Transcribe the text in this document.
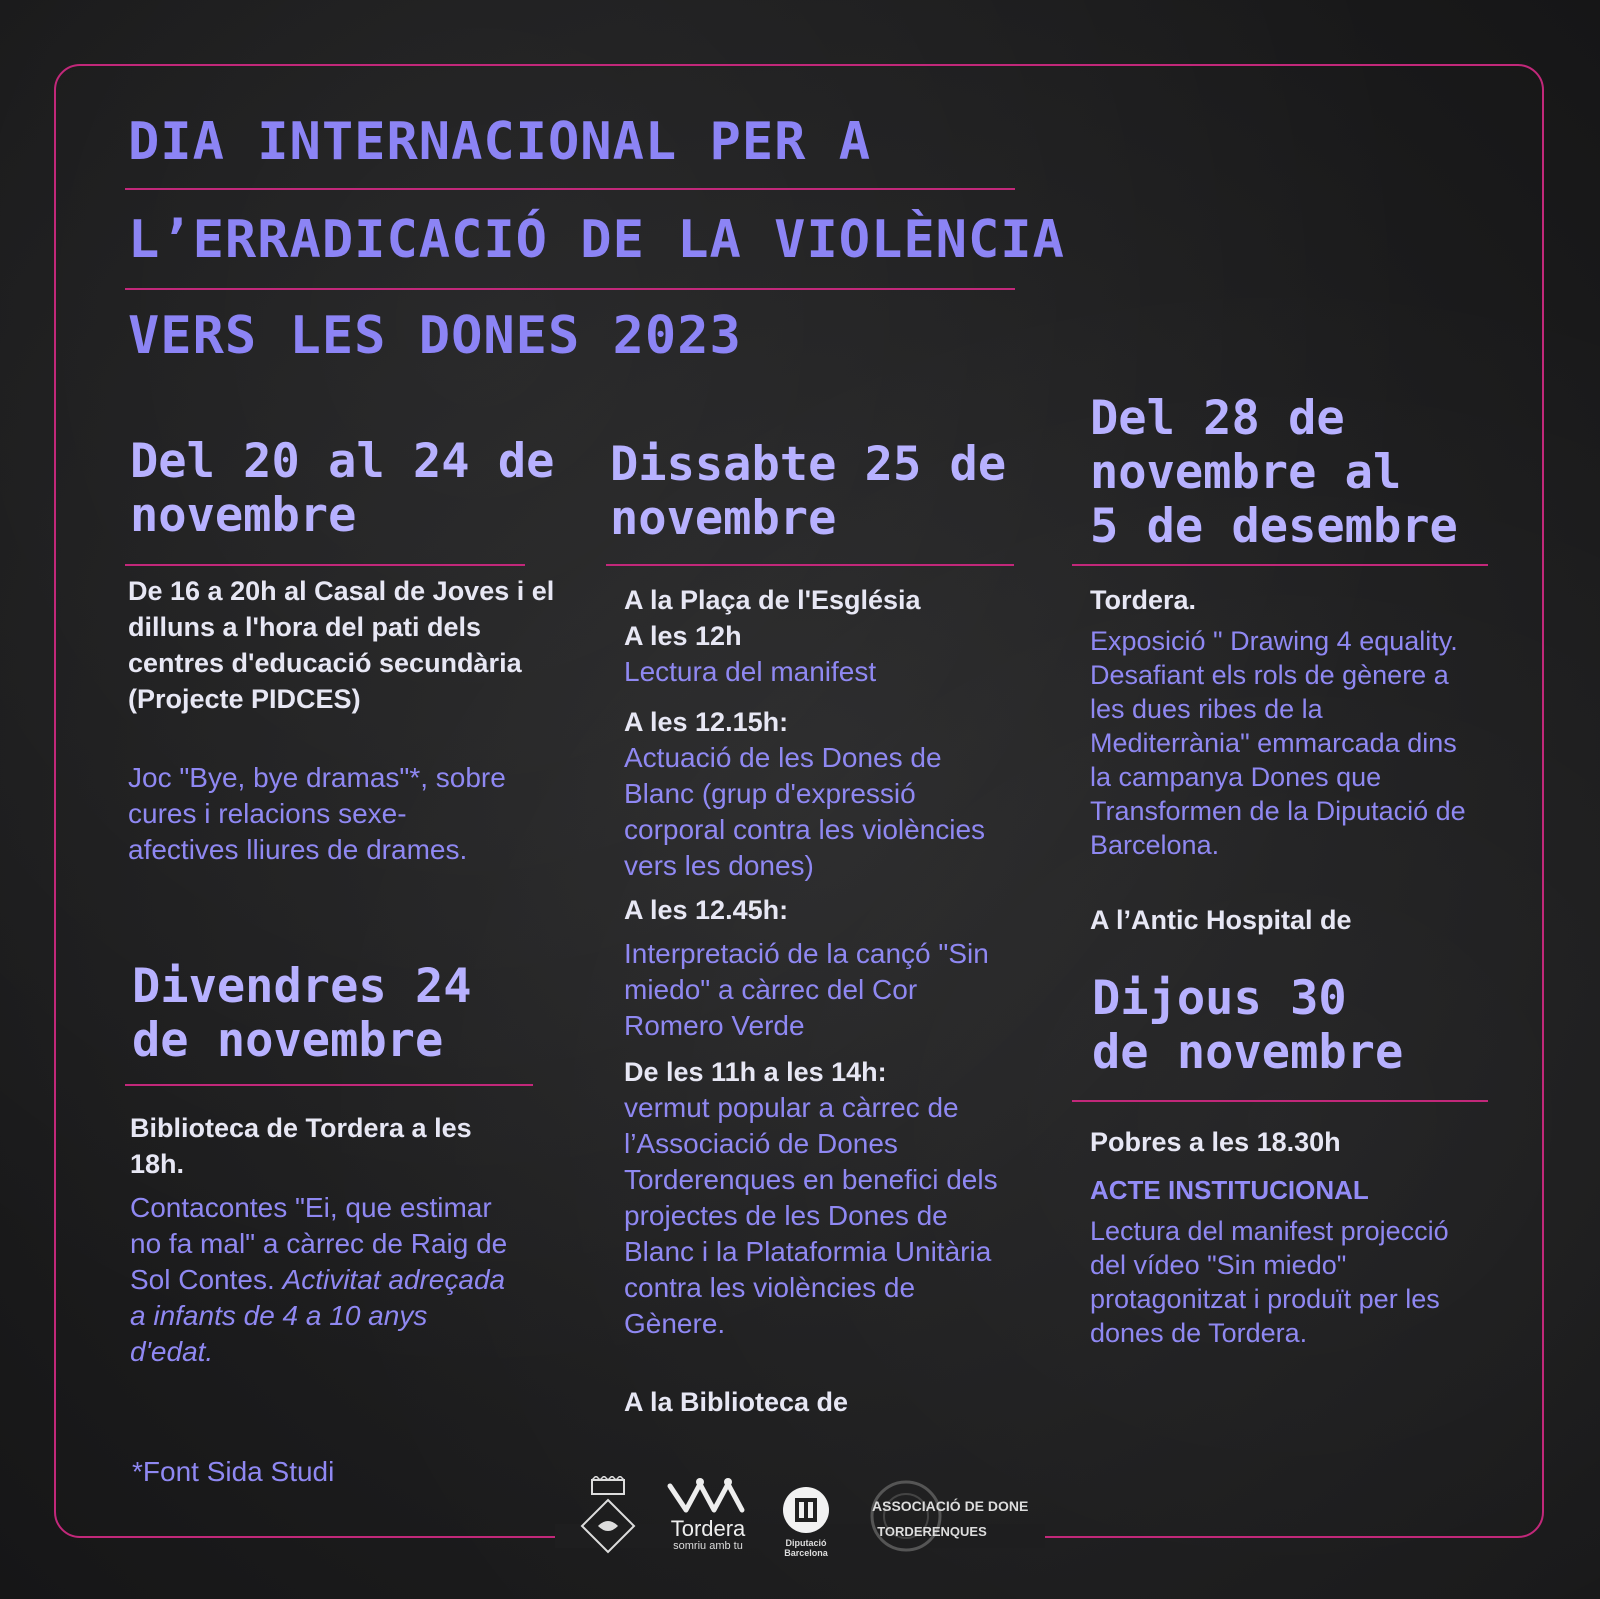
DIA INTERNACIONAL PER A
L’ERRADICACIÓ DE LA VIOLÈNCIA
VERS LES DONES 2023
Del 20 al 24 de
novembre

De 16 a 20h al Casal de Joves i el dilluns a l'hora del pati dels centres d'educació secundària (Projecte PIDCES)

Joc "Bye, bye dramas"*, sobre cures i relacions sexe-afectives lliures de drames.

Divendres 24
de novembre

Biblioteca de Tordera a les 18h.

Contacontes "Ei, que estimar no fa mal" a càrrec de Raig de Sol Contes. Activitat adreçada a infants de 4 a 10 anys d'edat.

*Font Sida Studi

Dissabte 25 de
novembre

A la Plaça de l'Església

A les 12h

Lectura del manifest

A les 12.15h:

Actuació de les Dones de Blanc (grup d'expressió corporal contra les violències vers les dones)

A les 12.45h:

Interpretació de la cançó "Sin miedo" a càrrec del Cor Romero Verde

De les 11h a les 14h:

vermut popular a càrrec de l’Associació de Dones Torderenques en benefici dels projectes de les Dones de Blanc i la Plataformia Unitària contra les violències de Gènere.

A la Biblioteca de

Del 28 de
novembre al
5 de desembre

Tordera.

Exposició " Drawing 4 equality. Desafiant els rols de gènere a les dues ribes de la Mediterrània" emmarcada dins la campanya Dones que Transformen de la Diputació de Barcelona.

A l’Antic Hospital de

Dijous 30
de novembre

Pobres a les 18.30h

ACTE INSTITUCIONAL

Lectura del manifest projecció del vídeo "Sin miedo" protagonitzat i produït per les dones de Tordera.

Tordera
somriu amb tu	Diputació
Barcelona
ASSOCIACIÓ DE DONE
TORDERENQUES
